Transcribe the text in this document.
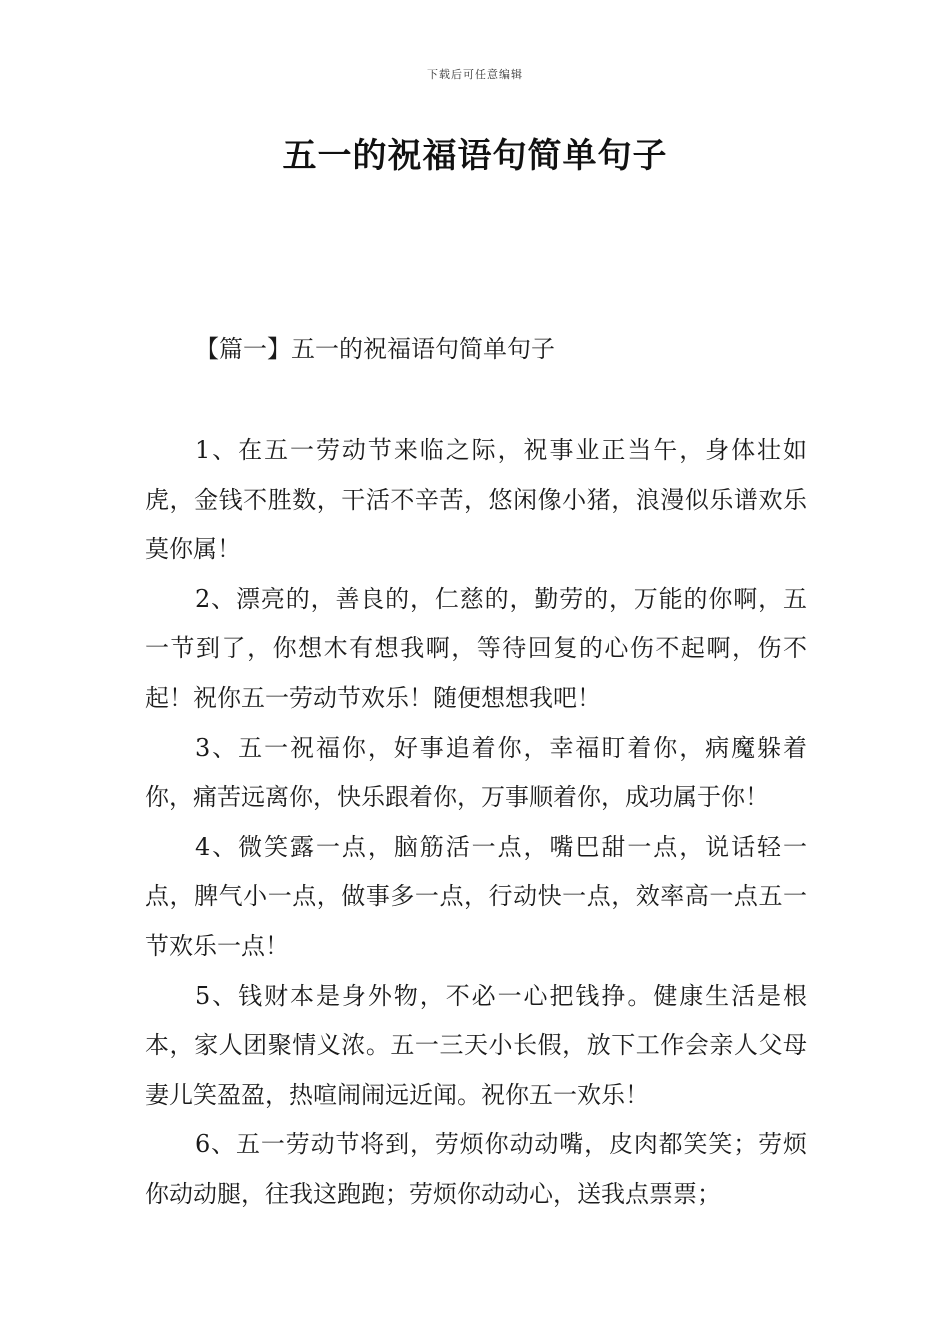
下载后可任意编辑
五一的祝福语句简单句子
【篇一】五一的祝福语句简单句子

1、在五一劳动节来临之际，祝事业正当午，身体壮如虎，金钱不胜数，干活不辛苦，悠闲像小猪，浪漫似乐谱欢乐莫你属！

2、漂亮的，善良的，仁慈的，勤劳的，万能的你啊，五一节到了，你想木有想我啊，等待回复的心伤不起啊，伤不起！祝你五一劳动节欢乐！随便想想我吧！

3、五一祝福你，好事追着你，幸福盯着你，病魔躲着你，痛苦远离你，快乐跟着你，万事顺着你，成功属于你！

4、微笑露一点，脑筋活一点，嘴巴甜一点，说话轻一点，脾气小一点，做事多一点，行动快一点，效率高一点五一节欢乐一点！

5、钱财本是身外物，不必一心把钱挣。健康生活是根本，家人团聚情义浓。五一三天小长假，放下工作会亲人父母妻儿笑盈盈，热喧闹闹远近闻。祝你五一欢乐！

6、五一劳动节将到，劳烦你动动嘴，皮肉都笑笑；劳烦你动动腿，往我这跑跑；劳烦你动动心，送我点票票；
